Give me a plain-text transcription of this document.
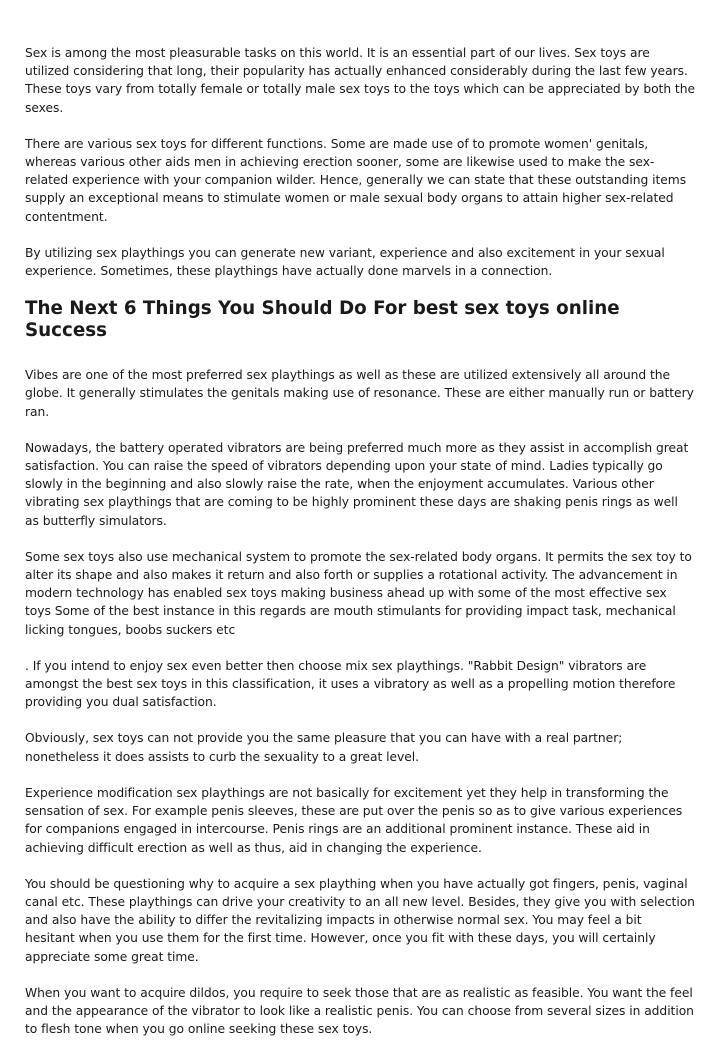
Sex is among the most pleasurable tasks on this world. It is an essential part of our lives. Sex toys are utilized considering that long, their popularity has actually enhanced considerably during the last few years. These toys vary from totally female or totally male sex toys to the toys which can be appreciated by both the sexes.

There are various sex toys for different functions. Some are made use of to promote women' genitals, whereas various other aids men in achieving erection sooner, some are likewise used to make the sex-related experience with your companion wilder. Hence, generally we can state that these outstanding items supply an exceptional means to stimulate women or male sexual body organs to attain higher sex-related contentment.

By utilizing sex playthings you can generate new variant, experience and also excitement in your sexual experience. Sometimes, these playthings have actually done marvels in a connection.

The Next 6 Things You Should Do For best sex toys online Success

Vibes are one of the most preferred sex playthings as well as these are utilized extensively all around the globe. It generally stimulates the genitals making use of resonance. These are either manually run or battery ran.

Nowadays, the battery operated vibrators are being preferred much more as they assist in accomplish great satisfaction. You can raise the speed of vibrators depending upon your state of mind. Ladies typically go slowly in the beginning and also slowly raise the rate, when the enjoyment accumulates. Various other vibrating sex playthings that are coming to be highly prominent these days are shaking penis rings as well as butterfly simulators.

Some sex toys also use mechanical system to promote the sex-related body organs. It permits the sex toy to alter its shape and also makes it return and also forth or supplies a rotational activity. The advancement in modern technology has enabled sex toys making business ahead up with some of the most effective sex toys Some of the best instance in this regards are mouth stimulants for providing impact task, mechanical licking tongues, boobs suckers etc

. If you intend to enjoy sex even better then choose mix sex playthings. "Rabbit Design" vibrators are amongst the best sex toys in this classification, it uses a vibratory as well as a propelling motion therefore providing you dual satisfaction.

Obviously, sex toys can not provide you the same pleasure that you can have with a real partner; nonetheless it does assists to curb the sexuality to a great level.

Experience modification sex playthings are not basically for excitement yet they help in transforming the sensation of sex. For example penis sleeves, these are put over the penis so as to give various experiences for companions engaged in intercourse. Penis rings are an additional prominent instance. These aid in achieving difficult erection as well as thus, aid in changing the experience.

You should be questioning why to acquire a sex plaything when you have actually got fingers, penis, vaginal canal etc. These playthings can drive your creativity to an all new level. Besides, they give you with selection and also have the ability to differ the revitalizing impacts in otherwise normal sex. You may feel a bit hesitant when you use them for the first time. However, once you fit with these days, you will certainly appreciate some great time.

When you want to acquire dildos, you require to seek those that are as realistic as feasible. You want the feel and the appearance of the vibrator to look like a realistic penis. You can choose from several sizes in addition to flesh tone when you go online seeking these sex toys.
